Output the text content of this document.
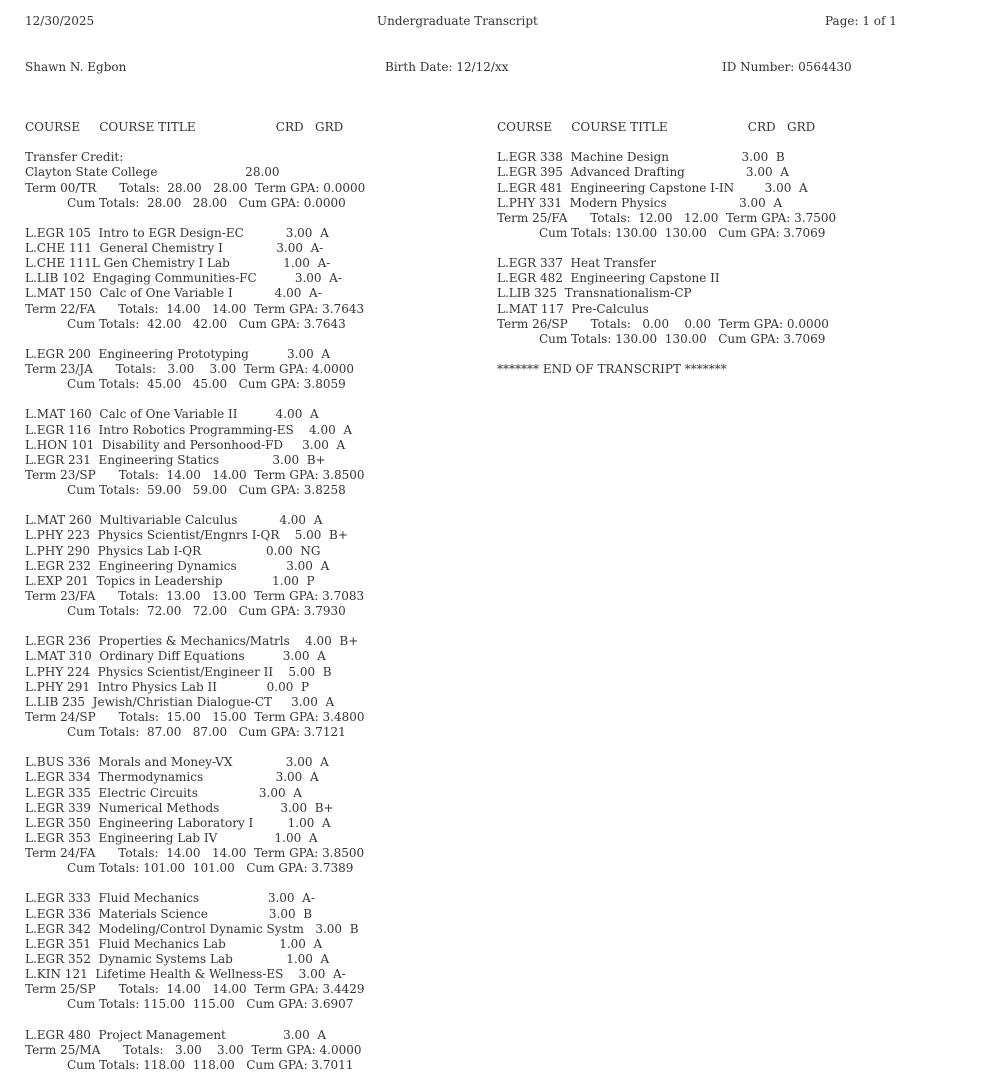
12/30/2025	Undergraduate Transcript	Page: 1 of 1
Shawn N. Egbon	Birth Date: 12/12/xx	ID Number: 0564430
COURSE     COURSE TITLE                     CRD   GRD
Transfer Credit:
Clayton State College                       28.00
Term 00/TR      Totals:  28.00   28.00  Term GPA: 0.0000
Cum Totals:  28.00   28.00   Cum GPA: 0.0000
L.EGR 105  Intro to EGR Design-EC           3.00  A
L.CHE 111  General Chemistry I              3.00  A-
L.CHE 111L Gen Chemistry I Lab              1.00  A-
L.LIB 102  Engaging Communities-FC          3.00  A-
L.MAT 150  Calc of One Variable I           4.00  A-
Term 22/FA      Totals:  14.00   14.00  Term GPA: 3.7643
Cum Totals:  42.00   42.00   Cum GPA: 3.7643
L.EGR 200  Engineering Prototyping          3.00  A
Term 23/JA      Totals:   3.00    3.00  Term GPA: 4.0000
Cum Totals:  45.00   45.00   Cum GPA: 3.8059
L.MAT 160  Calc of One Variable II          4.00  A
L.EGR 116  Intro Robotics Programming-ES    4.00  A
L.HON 101  Disability and Personhood-FD     3.00  A
L.EGR 231  Engineering Statics              3.00  B+
Term 23/SP      Totals:  14.00   14.00  Term GPA: 3.8500
Cum Totals:  59.00   59.00   Cum GPA: 3.8258
L.MAT 260  Multivariable Calculus           4.00  A
L.PHY 223  Physics Scientist/Engnrs I-QR    5.00  B+
L.PHY 290  Physics Lab I-QR                 0.00  NG
L.EGR 232  Engineering Dynamics             3.00  A
L.EXP 201  Topics in Leadership             1.00  P
Term 23/FA      Totals:  13.00   13.00  Term GPA: 3.7083
Cum Totals:  72.00   72.00   Cum GPA: 3.7930
L.EGR 236  Properties & Mechanics/Matrls    4.00  B+
L.MAT 310  Ordinary Diff Equations          3.00  A
L.PHY 224  Physics Scientist/Engineer II    5.00  B
L.PHY 291  Intro Physics Lab II             0.00  P
L.LIB 235  Jewish/Christian Dialogue-CT     3.00  A
Term 24/SP      Totals:  15.00   15.00  Term GPA: 3.4800
Cum Totals:  87.00   87.00   Cum GPA: 3.7121
L.BUS 336  Morals and Money-VX              3.00  A
L.EGR 334  Thermodynamics                   3.00  A
L.EGR 335  Electric Circuits                3.00  A
L.EGR 339  Numerical Methods                3.00  B+
L.EGR 350  Engineering Laboratory I         1.00  A
L.EGR 353  Engineering Lab IV               1.00  A
Term 24/FA      Totals:  14.00   14.00  Term GPA: 3.8500
Cum Totals: 101.00  101.00   Cum GPA: 3.7389
L.EGR 333  Fluid Mechanics                  3.00  A-
L.EGR 336  Materials Science                3.00  B
L.EGR 342  Modeling/Control Dynamic Systm   3.00  B
L.EGR 351  Fluid Mechanics Lab              1.00  A
L.EGR 352  Dynamic Systems Lab              1.00  A
L.KIN 121  Lifetime Health & Wellness-ES    3.00  A-
Term 25/SP      Totals:  14.00   14.00  Term GPA: 3.4429
Cum Totals: 115.00  115.00   Cum GPA: 3.6907
L.EGR 480  Project Management               3.00  A
Term 25/MA      Totals:   3.00    3.00  Term GPA: 4.0000
Cum Totals: 118.00  118.00   Cum GPA: 3.7011
COURSE     COURSE TITLE                     CRD   GRD
L.EGR 338  Machine Design                   3.00  B
L.EGR 395  Advanced Drafting                3.00  A
L.EGR 481  Engineering Capstone I-IN        3.00  A
L.PHY 331  Modern Physics                   3.00  A
Term 25/FA      Totals:  12.00   12.00  Term GPA: 3.7500
Cum Totals: 130.00  130.00   Cum GPA: 3.7069
L.EGR 337  Heat Transfer
L.EGR 482  Engineering Capstone II
L.LIB 325  Transnationalism-CP
L.MAT 117  Pre-Calculus
Term 26/SP      Totals:   0.00    0.00  Term GPA: 0.0000
Cum Totals: 130.00  130.00   Cum GPA: 3.7069
******* END OF TRANSCRIPT *******
